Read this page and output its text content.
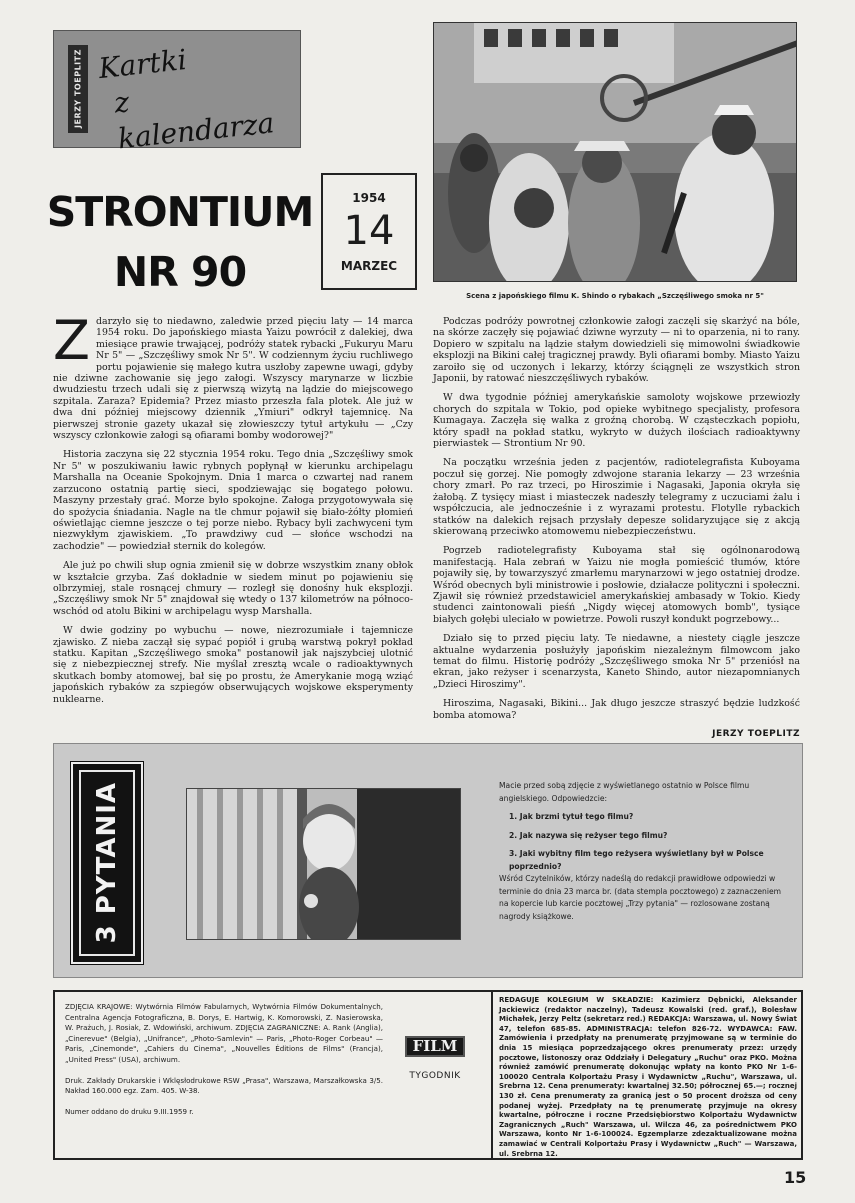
JERZY TOEPLITZ Kartki
z kalendarza
STRONTIUM
NR 90
1954
14
MARZEC
Scena z japońskiego filmu K. Shindo o rybakach „Szczęśliwego smoka nr 5"

Zdarzyło się to niedawno, zaledwie przed pięciu laty — 14 marca 1954 roku. Do japońskiego miasta Yaizu powrócił z dalekiej, dwa miesiące prawie trwającej, podróży statek rybacki „Fukuryu Maru Nr 5" — „Szczęśliwy smok Nr 5". W codziennym życiu ruchliwego portu pojawienie się małego kutra uszłoby zapewne uwagi, gdyby nie dziwne zachowanie się jego załogi. Wszyscy marynarze w liczbie dwudziestu trzech udali się z pierwszą wizytą na lądzie do miejscowego szpitala. Zaraza? Epidemia? Przez miasto przeszła fala plotek. Ale już w dwa dni później miejscowy dziennik „Ymiuri" odkrył tajemnicę. Na pierwszej stronie gazety ukazał się złowieszczy tytuł artykułu — „Czy wszyscy członkowie załogi są ofiarami bomby wodorowej?"

Historia zaczyna się 22 stycznia 1954 roku. Tego dnia „Szczęśliwy smok Nr 5" w poszukiwaniu ławic rybnych popłynął w kierunku archipelagu Marshalla na Oceanie Spokojnym. Dnia 1 marca o czwartej nad ranem zarzucono ostatnią partię sieci, spodziewając się bogatego połowu. Maszyny przestały grać. Morze było spokojne. Załoga przygotowywała się do spożycia śniadania. Nagle na tle chmur pojawił się biało-żółty płomień oświetlając ciemne jeszcze o tej porze niebo. Rybacy byli zachwyceni tym niezwykłym zjawiskiem. „To prawdziwy cud — słońce wschodzi na zachodzie" — powiedział sternik do kolegów.

Ale już po chwili słup ognia zmienił się w dobrze wszystkim znany obłok w kształcie grzyba. Zaś dokładnie w siedem minut po pojawieniu się olbrzymiej, stale rosnącej chmury — rozległ się donośny huk eksplozji. „Szczęśliwy smok Nr 5" znajdował się wtedy o 137 kilometrów na północo-wschód od atolu Bikini w archipelagu wysp Marshalla.

W dwie godziny po wybuchu — nowe, niezrozumiałe i tajemnicze zjawisko. Z nieba zaczął się sypać popiół i grubą warstwą pokrył pokład statku. Kapitan „Szczęśliwego smoka" postanowił jak najszybciej ulotnić się z niebezpiecznej strefy. Nie myślał zresztą wcale o radioaktywnych skutkach bomby atomowej, bał się po prostu, że Amerykanie mogą wziąć japońskich rybaków za szpiegów obserwujących wojskowe eksperymenty nuklearne.

Podczas podróży powrotnej członkowie załogi zaczęli się skarżyć na bóle, na skórze zaczęły się pojawiać dziwne wyrzuty — ni to oparzenia, ni to rany. Dopiero w szpitalu na lądzie stałym dowiedzieli się mimowolni świadkowie eksplozji na Bikini całej tragicznej prawdy. Byli ofiarami bomby. Miasto Yaizu zaroiło się od uczonych i lekarzy, którzy ściągnęli ze wszystkich stron Japonii, by ratować nieszczęśliwych rybaków.

W dwa tygodnie później amerykańskie samoloty wojskowe przewiozły chorych do szpitala w Tokio, pod opieke wybitnego specjalisty, profesora Kumagaya. Zaczęła się walka z groźną chorobą. W cząsteczkach popiołu, który spadł na pokład statku, wykryto w dużych ilościach radioaktywny pierwiastek — Strontium Nr 90.

Na początku września jeden z pacjentów, radiotelegrafista Kuboyama poczuł się gorzej. Nie pomogły zdwojone starania lekarzy — 23 września chory zmarł. Po raz trzeci, po Hiroszimie i Nagasaki, Japonia okryła się żałobą. Z tysięcy miast i miasteczek nadeszły telegramy z uczuciami żalu i współczucia, ale jednocześnie i z wyrazami protestu. Flotylle rybackich statków na dalekich rejsach przysłały depesze solidaryzujące się z akcją skierowaną przeciwko atomowemu niebezpieczeństwu.

Pogrzeb radiotelegrafisty Kuboyama stał się ogólnonarodową manifestacją. Hala zebrań w Yaizu nie mogła pomieścić tłumów, które pojawiły się, by towarzyszyć zmarłemu marynarzowi w jego ostatniej drodze. Wśród obecnych byli ministrowie i posłowie, działacze polityczni i społeczni. Zjawił się również przedstawiciel amerykańskiej ambasady w Tokio. Kiedy studenci zaintonowali pieśń „Nigdy więcej atomowych bomb", tysiące białych gołębi uleciało w powietrze. Powoli ruszył kondukt pogrzebowy...

Działo się to przed pięciu laty. Te niedawne, a niestety ciągle jeszcze aktualne wydarzenia posłużyły japońskim niezależnym filmowcom jako temat do filmu. Historię podróży „Szczęśliwego smoka Nr 5" przeniósł na ekran, jako reżyser i scenarzysta, Kaneto Shindo, autor niezapomnianych „Dzieci Hiroszimy".

Hiroszima, Nagasaki, Bikini... Jak długo jeszcze straszyć będzie ludzkość bomba atomowa?

JERZY TOEPLITZ
3 PYTANIA	Macie przed sobą zdjęcie z wyświetlanego ostatnio w Polsce filmu angielskiego. Odpowiedzcie:

1. Jak brzmi tytuł tego filmu?

2. Jak nazywa się reżyser tego filmu?

3. Jaki wybitny film tego reżysera wyświetlany był w Polsce poprzednio?

Wśród Czytelników, którzy nadeślą do redakcji prawidłowe odpowiedzi w terminie do dnia 23 marca br. (data stempla pocztowego) z zaznaczeniem na kopercie lub karcie pocztowej „Trzy pytania" — rozlosowane zostaną nagrody książkowe.

ZDJĘCIA KRAJOWE: Wytwórnia Filmów Fabularnych, Wytwórnia Filmów Dokumentalnych, Centralna Agencja Fotograficzna, B. Dorys, E. Hartwig, K. Komorowski, Z. Nasierowska, W. Prażuch, J. Rosiak, Z. Wdowiński, archiwum. ZDJĘCIA ZAGRANICZNE: A. Rank (Anglia), „Cinerevue" (Belgia), „Unifrance", „Photo-Samlevin" — Paris, „Photo-Roger Corbeau" — Paris, „Cinemonde", „Cahiers du Cinema", „Nouvelles Éditions de Films" (Francja), „United Press" (USA), archiwum.
Druk. Zakłady Drukarskie i Wklęsłodrukowe RSW „Prasa", Warszawa, Marszałkowska 3/5. Nakład 160.000 egz. Zam. 405. W-38.
Numer oddano do druku 9.III.1959 r.
FILM
TYGODNIK
REDAGUJE KOLEGIUM W SKŁADZIE: Kazimierz Dębnicki, Aleksander Jackiewicz (redaktor naczelny), Tadeusz Kowalski (red. graf.), Bolesław Michałek, Jerzy Peltz (sekretarz red.) REDAKCJA: Warszawa, ul. Nowy Świat 47, telefon 685-85. ADMINISTRACJA: telefon 826-72. WYDAWCA: FAW. Zamówienia i przedpłaty na prenumeratę przyjmowane są w terminie do dnia 15 miesiąca poprzedzającego okres prenumeraty przez: urzędy pocztowe, listonoszy oraz Oddziały i Delegatury „Ruchu" oraz PKO. Można również zamówić prenumeratę dokonując wpłaty na konto PKO Nr 1-6-100020 Centrala Kolportażu Prasy i Wydawnictw „Ruchu", Warszawa, ul. Srebrna 12. Cena prenumeraty: kwartalnej 32.50; półrocznej 65.—; rocznej 130 zł. Cena prenumeraty za granicą jest o 50 procent droższa od ceny podanej wyżej. Przedpłaty na tę prenumeratę przyjmuje na okresy kwartalne, półroczne i roczne Przedsiębiorstwo Kolportażu Wydawnictw Zagranicznych „Ruch" Warszawa, ul. Wilcza 46, za pośrednictwem PKO Warszawa, konto Nr 1-6-100024. Egzemplarze zdezaktualizowane można zamawiać w Centrali Kolportażu Prasy i Wydawnictw „Ruch" — Warszawa, ul. Srebrna 12.
15
